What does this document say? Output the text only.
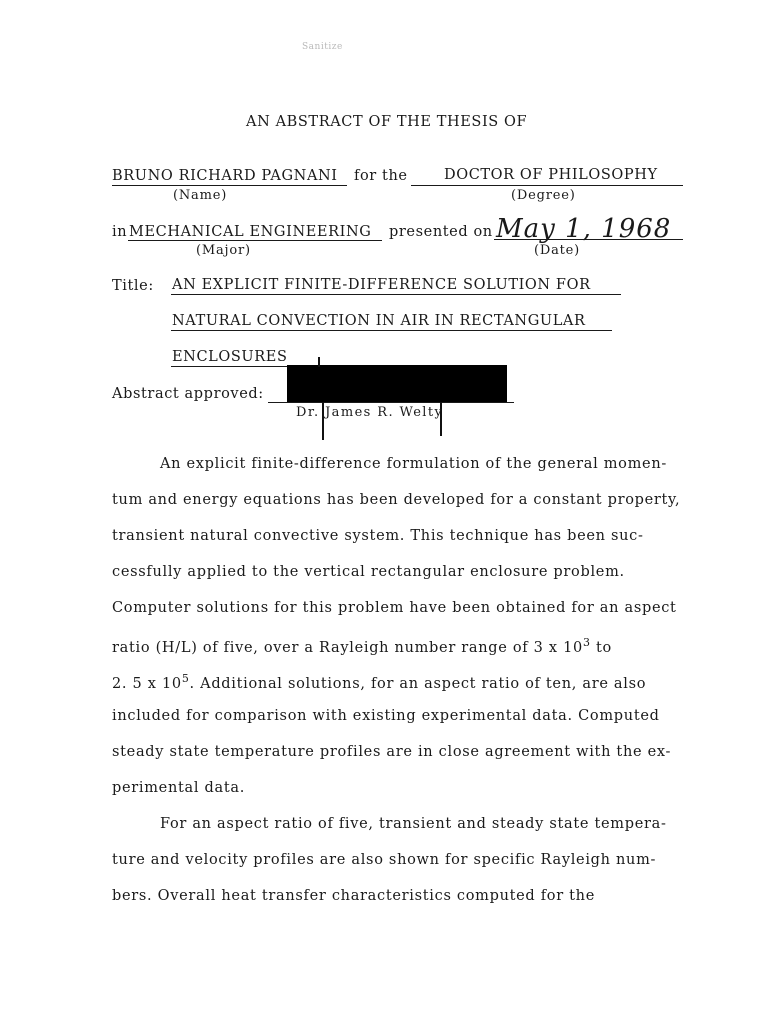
Sanitize
AN ABSTRACT OF THE THESIS OF
BRUNO RICHARD PAGNANI for the	DOCTOR OF PHILOSOPHY
(Name)	(Degree)
in MECHANICAL ENGINEERING presented on May 1, 1968
(Major)	(Date)
Title: AN EXPLICIT FINITE-DIFFERENCE SOLUTION FOR
NATURAL CONVECTION IN AIR IN RECTANGULAR
ENCLOSURES
Abstract approved:
Dr. James R. Welty
An explicit finite-difference formulation of the general momen-
tum and energy equations has been developed for a constant property,
transient natural convective system. This technique has been suc-
cessfully applied to the vertical rectangular enclosure problem.
Computer solutions for this problem have been obtained for an aspect
ratio (H/L) of five, over a Rayleigh number range of 3 x $10^3$ to
2. 5 x $10^5$. Additional solutions, for an aspect ratio of ten, are also
included for comparison with existing experimental data. Computed
steady state temperature profiles are in close agreement with the ex-
perimental data.
For an aspect ratio of five, transient and steady state tempera-
ture and velocity profiles are also shown for specific Rayleigh num-
bers. Overall heat transfer characteristics computed for the
